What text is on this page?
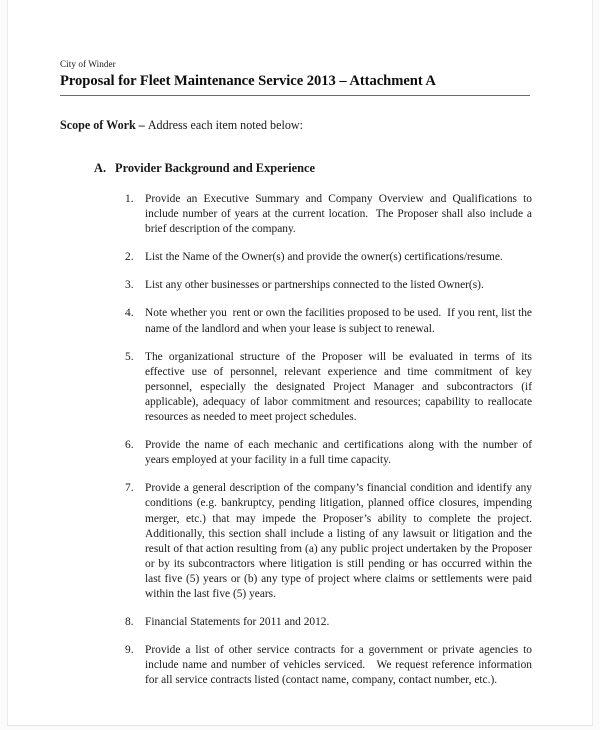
City of Winder
Proposal for Fleet Maintenance Service 2013 – Attachment A
Scope of Work – Address each item noted below:
A. Provider Background and Experience
1.	Provide an Executive Summary and Company Overview and Qualifications to include number of years at the current location.  The Proposer shall also include a brief description of the company.
2.	List the Name of the Owner(s) and provide the owner(s) certifications/resume.
3.	List any other businesses or partnerships connected to the listed Owner(s).
4.	Note whether you  rent or own the facilities proposed to be used.  If you rent, list the name of the landlord and when your lease is subject to renewal.
5.	The organizational structure of the Proposer will be evaluated in terms of its effective use of personnel, relevant experience and time commitment of key personnel, especially the designated Project Manager and subcontractors (if applicable), adequacy of labor commitment and resources; capability to reallocate resources as needed to meet project schedules.
6.	Provide the name of each mechanic and certifications along with the number of years employed at your facility in a full time capacity.
7.	Provide a general description of the company’s financial condition and identify any conditions (e.g. bankruptcy, pending litigation, planned office closures, impending merger, etc.) that may impede the Proposer’s ability to complete the project. Additionally, this section shall include a listing of any lawsuit or litigation and the result of that action resulting from (a) any public project undertaken by the Proposer or by its subcontractors where litigation is still pending or has occurred within the last five (5) years or (b) any type of project where claims or settlements were paid within the last five (5) years.
8.	Financial Statements for 2011 and 2012.
9.	Provide a list of other service contracts for a government or private agencies to include name and number of vehicles serviced.   We request reference information for all service contracts listed (contact name, company, contact number, etc.).
